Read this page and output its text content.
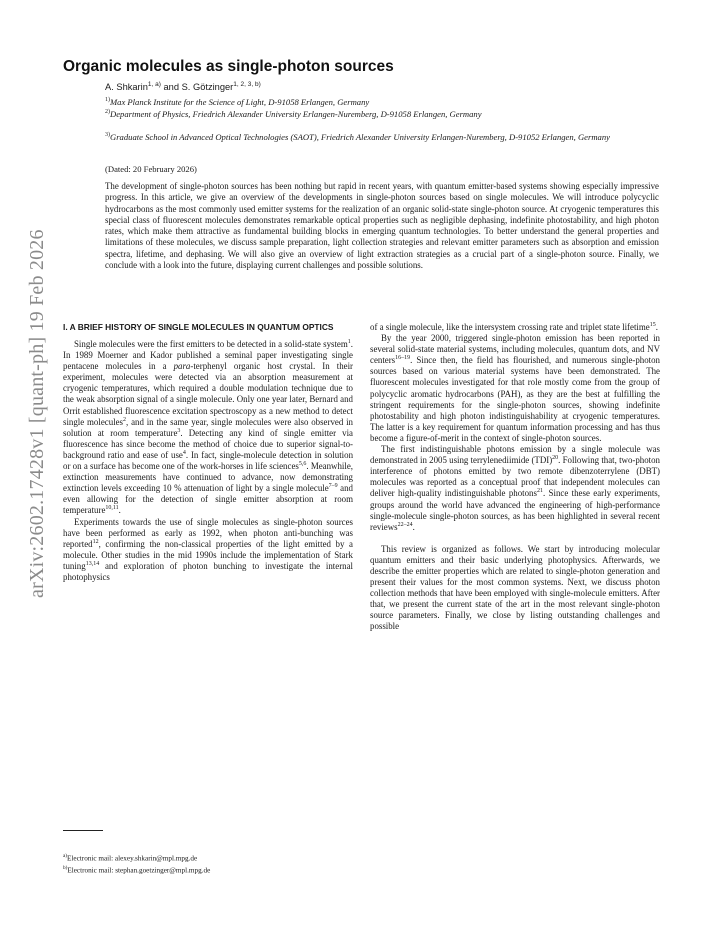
arXiv:2602.17428v1 [quant-ph] 19 Feb 2026
Organic molecules as single-photon sources
A. Shkarin$^{1, a)}$ and S. Götzinger$^{1, 2, 3, b)}$
$^{1)}$Max Planck Institute for the Science of Light, D-91058 Erlangen, Germany
$^{2)}$Department of Physics, Friedrich Alexander University Erlangen-Nuremberg, D-91058 Erlangen, Germany
$^{3)}$Graduate School in Advanced Optical Technologies (SAOT), Friedrich Alexander University Erlangen-Nuremberg, D-91052 Erlangen, Germany
(Dated: 20 February 2026)
The development of single-photon sources has been nothing but rapid in recent years, with quantum emitter-based systems showing especially impressive progress. In this article, we give an overview of the developments in single-photon sources based on single molecules. We will introduce polycyclic hydrocarbons as the most commonly used emitter systems for the realization of an organic solid-state single-photon source. At cryogenic temperatures this special class of fluorescent molecules demonstrates remarkable optical properties such as negligible dephasing, indefinite photostability, and high photon rates, which make them attractive as fundamental building blocks in emerging quantum technologies. To better understand the general properties and limitations of these molecules, we discuss sample preparation, light collection strategies and relevant emitter parameters such as absorption and emission spectra, lifetime, and dephasing. We will also give an overview of light extraction strategies as a crucial part of a single-photon source. Finally, we conclude with a look into the future, displaying current challenges and possible solutions.
I. A BRIEF HISTORY OF SINGLE MOLECULES IN QUANTUM OPTICS

Single molecules were the first emitters to be detected in a solid-state system$^1$. In 1989 Moerner and Kador published a seminal paper investigating single pentacene molecules in a para-terphenyl organic host crystal. In their experiment, molecules were detected via an absorption measurement at cryogenic temperatures, which required a double modulation technique due to the weak absorption signal of a single molecule. Only one year later, Bernard and Orrit established fluorescence excitation spectroscopy as a new method to detect single molecules$^2$, and in the same year, single molecules were also observed in solution at room temperature$^3$. Detecting any kind of single emitter via fluorescence has since become the method of choice due to superior signal-to-background ratio and ease of use$^4$. In fact, single-molecule detection in solution or on a surface has become one of the work-horses in life sciences$^{5,6}$. Meanwhile, extinction measurements have continued to advance, now demonstrating extinction levels exceeding 10 % attenuation of light by a single molecule$^{7-9}$ and even allowing for the detection of single emitter absorption at room temperature$^{10,11}$.

Experiments towards the use of single molecules as single-photon sources have been performed as early as 1992, when photon anti-bunching was reported$^{12}$, confirming the non-classical properties of the light emitted by a molecule. Other studies in the mid 1990s include the implementation of Stark tuning$^{13,14}$ and exploration of photon bunching to investigate the internal photophysics

of a single molecule, like the intersystem crossing rate and triplet state lifetime$^{15}$.

By the year 2000, triggered single-photon emission has been reported in several solid-state material systems, including molecules, quantum dots, and NV centers$^{16-19}$. Since then, the field has flourished, and numerous single-photon sources based on various material systems have been demonstrated. The fluorescent molecules investigated for that role mostly come from the group of polycyclic aromatic hydrocarbons (PAH), as they are the best at fulfilling the stringent requirements for the single-photon sources, showing indefinite photostability and high photon indistinguishability at cryogenic temperatures. The latter is a key requirement for quantum information processing and has thus become a figure-of-merit in the context of single-photon sources.

The first indistinguishable photons emission by a single molecule was demonstrated in 2005 using terrylenediimide (TDI)$^{20}$. Following that, two-photon interference of photons emitted by two remote dibenzoterrylene (DBT) molecules was reported as a conceptual proof that independent molecules can deliver high-quality indistinguishable photons$^{21}$. Since these early experiments, groups around the world have advanced the engineering of high-performance single-molecule single-photon sources, as has been highlighted in several recent reviews$^{22-24}$.

This review is organized as follows. We start by introducing molecular quantum emitters and their basic underlying photophysics. Afterwards, we describe the emitter properties which are related to single-photon generation and present their values for the most common systems. Next, we discuss photon collection methods that have been employed with single-molecule emitters. After that, we present the current state of the art in the most relevant single-photon source parameters. Finally, we close by listing outstanding challenges and possible

$^{a)}$Electronic mail: alexey.shkarin@mpl.mpg.de
$^{b)}$Electronic mail: stephan.goetzinger@mpl.mpg.de
